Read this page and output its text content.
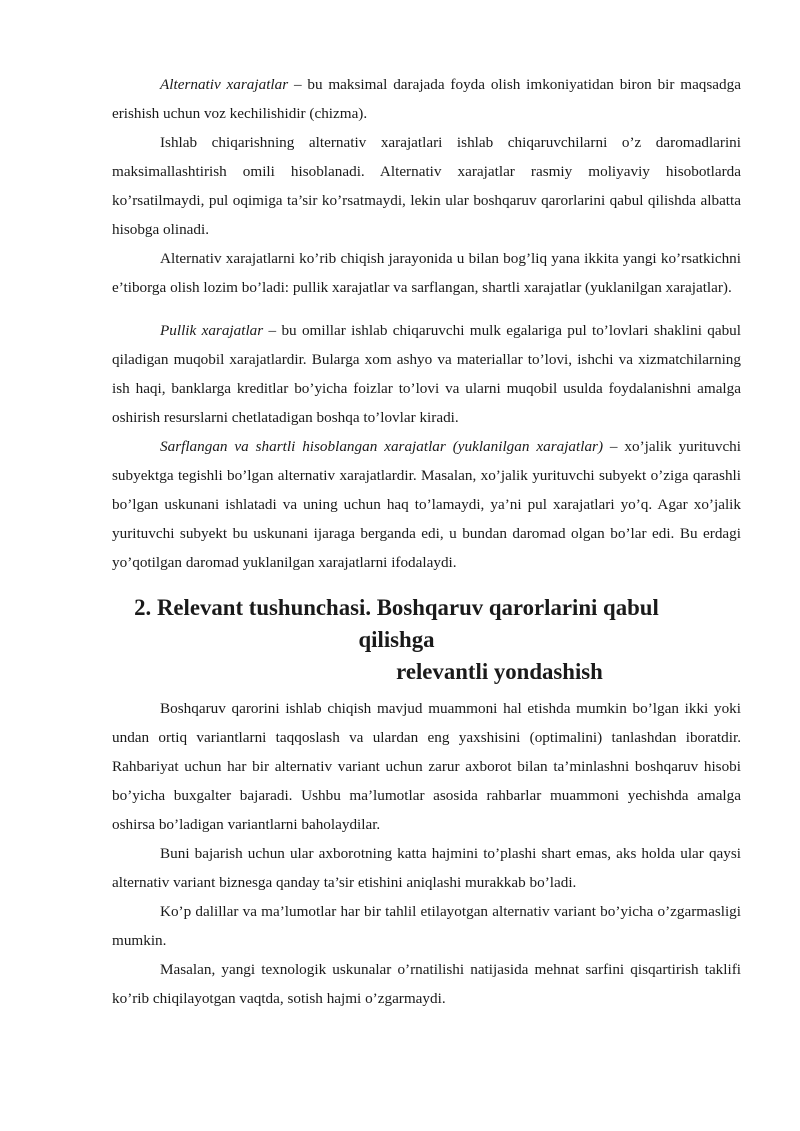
Alternativ xarajatlar – bu maksimal darajada foyda olish imkoniyatidan biron bir maqsadga erishish uchun voz kechilishidir (chizma).

Ishlab chiqarishning alternativ xarajatlari ishlab chiqaruvchilarni o’z daromadlarini maksimallashtirish omili hisoblanadi. Alternativ xarajatlar rasmiy moliyaviy hisobotlarda ko’rsatilmaydi, pul oqimiga ta’sir ko’rsatmaydi, lekin ular boshqaruv qarorlarini qabul qilishda albatta hisobga olinadi.

Alternativ xarajatlarni ko’rib chiqish jarayonida u bilan bog’liq yana ikkita yangi ko’rsatkichni e’tiborga olish lozim bo’ladi: pullik xarajatlar va sarflangan, shartli xarajatlar (yuklanilgan xarajatlar).

Pullik xarajatlar – bu omillar ishlab chiqaruvchi mulk egalariga pul to’lovlari shaklini qabul qiladigan muqobil xarajatlardir. Bularga xom ashyo va materiallar to’lovi, ishchi va xizmatchilarning ish haqi, banklarga kreditlar bo’yicha foizlar to’lovi va ularni muqobil usulda foydalanishni amalga oshirish resurslarni chetlatadigan boshqa to’lovlar kiradi.

Sarflangan va shartli hisoblangan xarajatlar (yuklanilgan xarajatlar) – xo’jalik yurituvchi subyektga tegishli bo’lgan alternativ xarajatlardir. Masalan, xo’jalik yurituvchi subyekt o’ziga qarashli bo’lgan uskunani ishlatadi va uning uchun haq to’lamaydi, ya’ni pul xarajatlari yo’q. Agar xo’jalik yurituvchi subyekt bu uskunani ijaraga berganda edi, u bundan daromad olgan bo’lar edi. Bu erdagi yo’qotilgan daromad yuklanilgan xarajatlarni ifodalaydi.

2. Relevant tushunchasi. Boshqaruv qarorlarini qabul qilishga
relevantli yondashish

Boshqaruv qarorini ishlab chiqish mavjud muammoni hal etishda mumkin bo’lgan ikki yoki undan ortiq variantlarni taqqoslash va ulardan eng yaxshisini (optimalini) tanlashdan iboratdir. Rahbariyat uchun har bir alternativ variant uchun zarur axborot bilan ta’minlashni boshqaruv hisobi bo’yicha buxgalter bajaradi. Ushbu ma’lumotlar asosida rahbarlar muammoni yechishda amalga oshirsa bo’ladigan variantlarni baholaydilar.

Buni bajarish uchun ular axborotning katta hajmini to’plashi shart emas, aks holda ular qaysi alternativ variant biznesga qanday ta’sir etishini aniqlashi murakkab bo’ladi.

Ko’p dalillar va ma’lumotlar har bir tahlil etilayotgan alternativ variant bo’yicha o’zgarmasligi mumkin.

Masalan, yangi texnologik uskunalar o’rnatilishi natijasida mehnat sarfini qisqartirish taklifi ko’rib chiqilayotgan vaqtda, sotish hajmi o’zgarmaydi.
